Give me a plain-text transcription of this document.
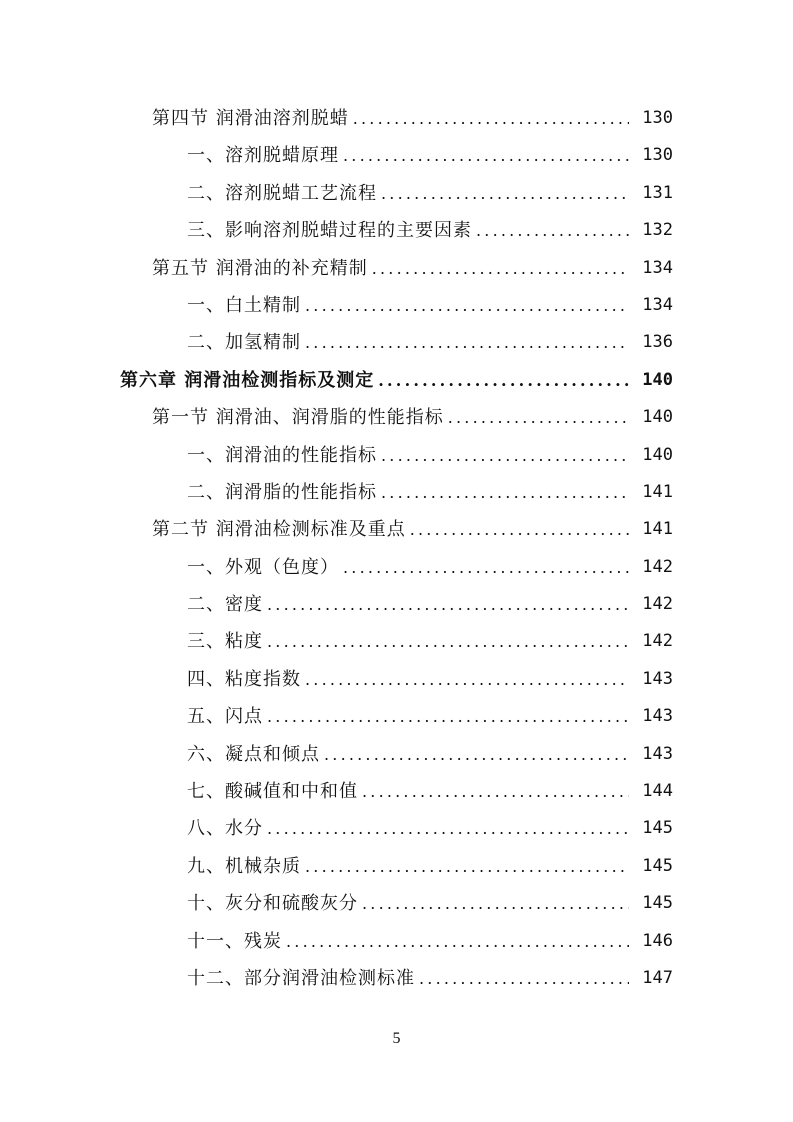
第四节 润滑油溶剂脱蜡 .....	130
一、溶剂脱蜡原理 .....	130
二、溶剂脱蜡工艺流程 .....	131
三、影响溶剂脱蜡过程的主要因素 .....	132
第五节 润滑油的补充精制 .....	134
一、白土精制 .....	134
二、加氢精制 .....	136
第六章 润滑油检测指标及测定 .....	140
第一节 润滑油、润滑脂的性能指标 .....	140
一、润滑油的性能指标 .....	140
二、润滑脂的性能指标 .....	141
第二节 润滑油检测标准及重点 .....	141
一、外观（色度） .....	142
二、密度 .....	142
三、粘度 .....	142
四、粘度指数 .....	143
五、闪点 .....	143
六、凝点和倾点 .....	143
七、酸碱值和中和值 .....	144
八、水分 .....	145
九、机械杂质 .....	145
十、灰分和硫酸灰分 .....	145
十一、残炭 .....	146
十二、部分润滑油检测标准 .....	147
5
